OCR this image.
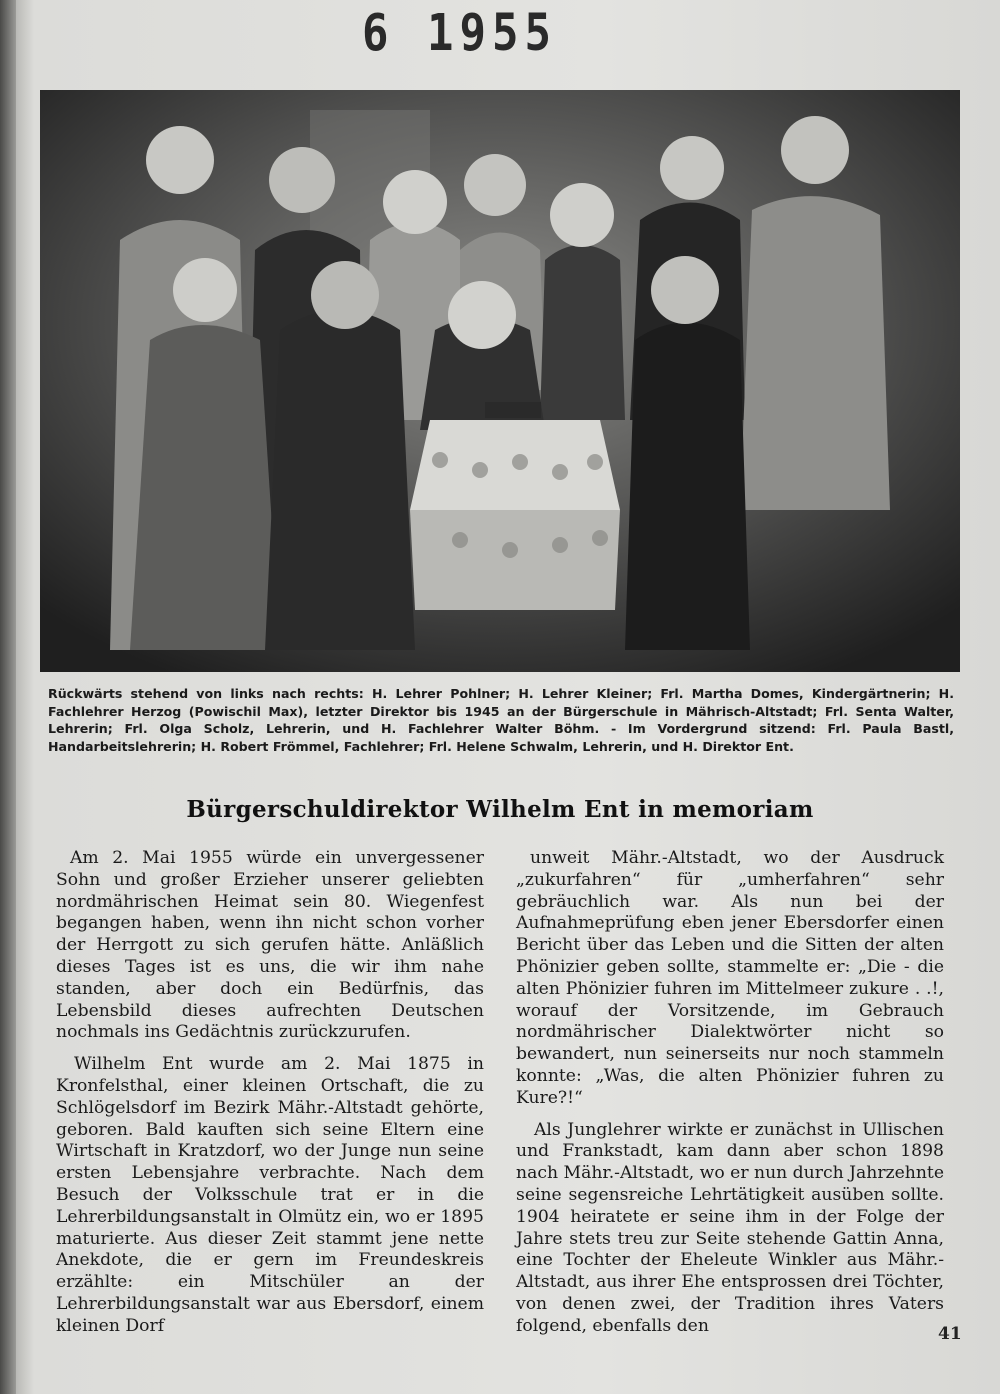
6 1955
Rückwärts stehend von links nach rechts: H. Lehrer Pohlner; H. Lehrer Kleiner; Frl. Martha Domes, Kindergärtnerin; H. Fachlehrer Herzog (Powischil Max), letzter Direktor bis 1945 an der Bürgerschule in Mährisch-Altstadt; Frl. Senta Walter, Lehrerin; Frl. Olga Scholz, Lehrerin, und H. Fachlehrer Walter Böhm. - Im Vordergrund sitzend: Frl. Paula Bastl, Handarbeitslehrerin; H. Robert Frömmel, Fachlehrer; Frl. Helene Schwalm, Lehrerin, und H. Direktor Ent.
Bürgerschuldirektor Wilhelm Ent in memoriam

Am 2. Mai 1955 würde ein unvergessener Sohn und großer Erzieher unserer geliebten nordmährischen Heimat sein 80. Wiegenfest begangen haben, wenn ihn nicht schon vorher der Herrgott zu sich gerufen hätte. Anläßlich dieses Tages ist es uns, die wir ihm nahe standen, aber doch ein Bedürfnis, das Lebensbild dieses aufrechten Deutschen nochmals ins Gedächtnis zurückzurufen.

Wilhelm Ent wurde am 2. Mai 1875 in Kronfelsthal, einer kleinen Ortschaft, die zu Schlögelsdorf im Bezirk Mähr.-Altstadt gehörte, geboren. Bald kauften sich seine Eltern eine Wirtschaft in Kratzdorf, wo der Junge nun seine ersten Lebensjahre verbrachte. Nach dem Besuch der Volksschule trat er in die Lehrerbildungsanstalt in Olmütz ein, wo er 1895 maturierte. Aus dieser Zeit stammt jene nette Anekdote, die er gern im Freundeskreis erzählte: ein Mitschüler an der Lehrerbildungsanstalt war aus Ebersdorf, einem kleinen Dorf

unweit Mähr.-Altstadt, wo der Ausdruck „zukurfahren“ für „umherfahren“ sehr gebräuchlich war. Als nun bei der Aufnahmeprüfung eben jener Ebersdorfer einen Bericht über das Leben und die Sitten der alten Phönizier geben sollte, stammelte er: „Die - die alten Phönizier fuhren im Mittelmeer zukure . .!, worauf der Vorsitzende, im Gebrauch nordmährischer Dialektwörter nicht so bewandert, nun seinerseits nur noch stammeln konnte: „Was, die alten Phönizier fuhren zu Kure?!“

Als Junglehrer wirkte er zunächst in Ullischen und Frankstadt, kam dann aber schon 1898 nach Mähr.-Altstadt, wo er nun durch Jahrzehnte seine segensreiche Lehrtätigkeit ausüben sollte. 1904 heiratete er seine ihm in der Folge der Jahre stets treu zur Seite stehende Gattin Anna, eine Tochter der Eheleute Winkler aus Mähr.-Altstadt, aus ihrer Ehe entsprossen drei Töchter, von denen zwei, der Tradition ihres Vaters folgend, ebenfalls den	41
